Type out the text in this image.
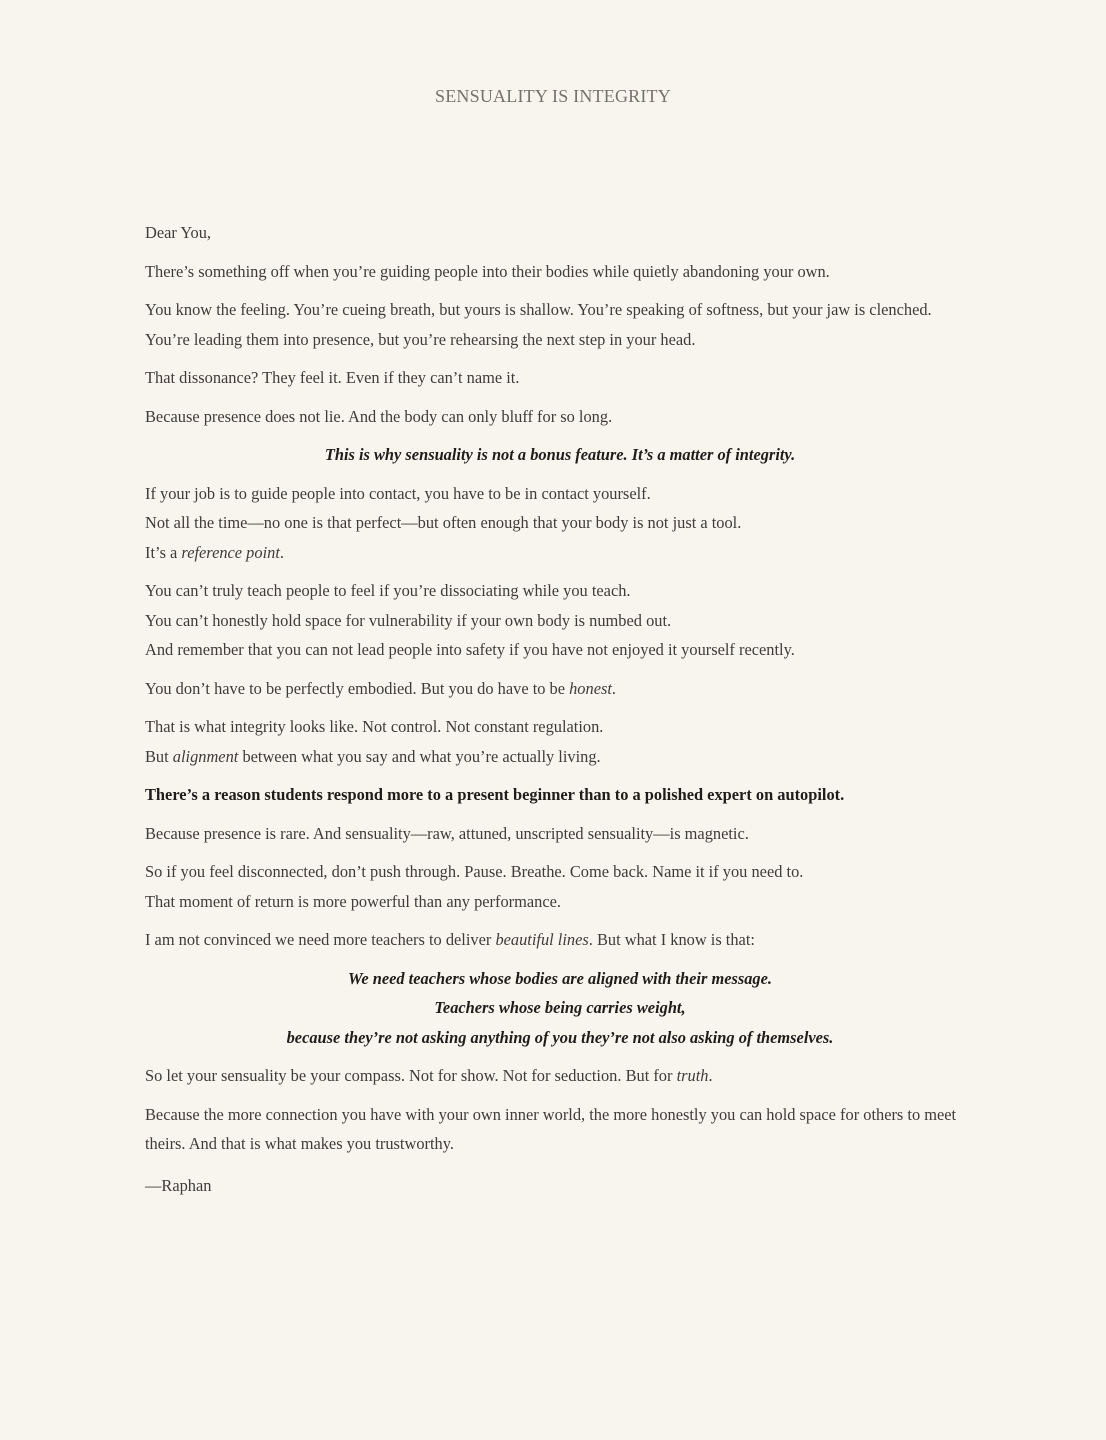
SENSUALITY IS INTEGRITY

Dear You,

There’s something off when you’re guiding people into their bodies while quietly abandoning your own.

You know the feeling. You’re cueing breath, but yours is shallow. You’re speaking of softness, but your jaw is clenched. You’re leading them into presence, but you’re rehearsing the next step in your head.

That dissonance? They feel it. Even if they can’t name it.

Because presence does not lie. And the body can only bluff for so long.

This is why sensuality is not a bonus feature. It’s a matter of integrity.

If your job is to guide people into contact, you have to be in contact yourself.
Not all the time—no one is that perfect—but often enough that your body is not just a tool.
It’s a reference point.

You can’t truly teach people to feel if you’re dissociating while you teach.
You can’t honestly hold space for vulnerability if your own body is numbed out.
And remember that you can not lead people into safety if you have not enjoyed it yourself recently.

You don’t have to be perfectly embodied. But you do have to be honest.

That is what integrity looks like. Not control. Not constant regulation.
But alignment between what you say and what you’re actually living.

There’s a reason students respond more to a present beginner than to a polished expert on autopilot.

Because presence is rare. And sensuality—raw, attuned, unscripted sensuality—is magnetic.

So if you feel disconnected, don’t push through. Pause. Breathe. Come back. Name it if you need to.
That moment of return is more powerful than any performance.

I am not convinced we need more teachers to deliver beautiful lines. But what I know is that:

We need teachers whose bodies are aligned with their message.
Teachers whose being carries weight,
because they’re not asking anything of you they’re not also asking of themselves.

So let your sensuality be your compass. Not for show. Not for seduction. But for truth.

Because the more connection you have with your own inner world, the more honestly you can hold space for others to meet theirs. And that is what makes you trustworthy.

—Raphan
